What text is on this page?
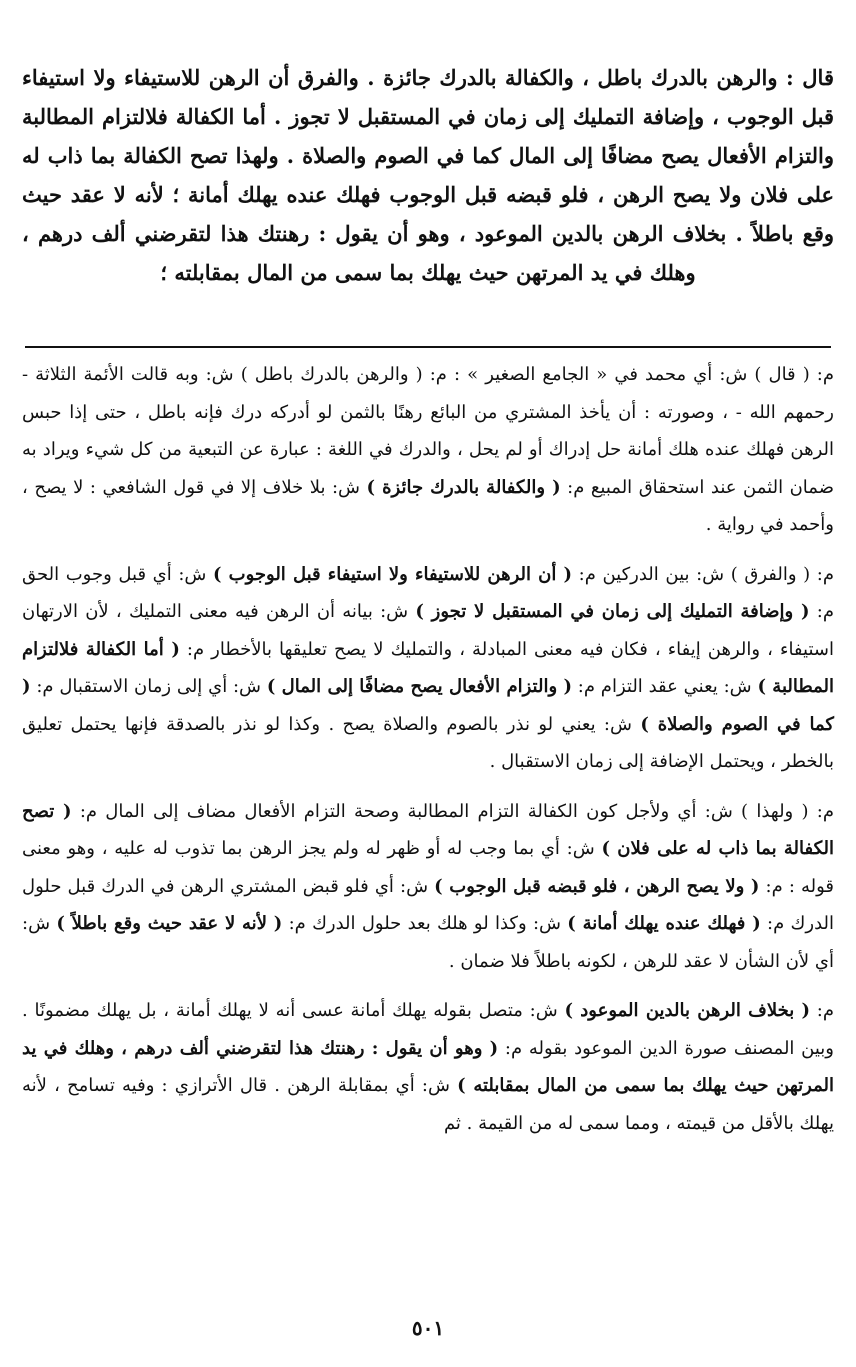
قال : والرهن بالدرك باطل ، والكفالة بالدرك جائزة . والفرق أن الرهن للاستيفاء ولا استيفاء قبل الوجوب ، وإضافة التمليك إلى زمان في المستقبل لا تجوز . أما الكفالة فلالتزام المطالبة والتزام الأفعال يصح مضافًا إلى المال كما في الصوم والصلاة . ولهذا تصح الكفالة بما ذاب له على فلان ولا يصح الرهن ، فلو قبضه قبل الوجوب فهلك عنده يهلك أمانة ؛ لأنه لا عقد حيث وقع باطلاً . بخلاف الرهن بالدين الموعود ، وهو أن يقول : رهنتك هذا لتقرضني ألف درهم ، وهلك في يد المرتهن حيث يهلك بما سمى من المال بمقابلته ؛

م: ( قال ) ش: أي محمد في « الجامع الصغير » : م: ( والرهن بالدرك باطل ) ش: وبه قالت الأئمة الثلاثة - رحمهم الله - ، وصورته : أن يأخذ المشتري من البائع رهنًا بالثمن لو أدركه درك فإنه باطل ، حتى إذا حبس الرهن فهلك عنده هلك أمانة حل إدراك أو لم يحل ، والدرك في اللغة : عبارة عن التبعية من كل شيء ويراد به ضمان الثمن عند استحقاق المبيع م: ( والكفالة بالدرك جائزة ) ش: بلا خلاف إلا في قول الشافعي : لا يصح ، وأحمد في رواية .

م: ( والفرق ) ش: بين الدركين م: ( أن الرهن للاستيفاء ولا استيفاء قبل الوجوب ) ش: أي قبل وجوب الحق م: ( وإضافة التمليك إلى زمان في المستقبل لا تجوز ) ش: بيانه أن الرهن فيه معنى التمليك ، لأن الارتهان استيفاء ، والرهن إيفاء ، فكان فيه معنى المبادلة ، والتمليك لا يصح تعليقها بالأخطار م: ( أما الكفالة فلالتزام المطالبة ) ش: يعني عقد التزام م: ( والتزام الأفعال يصح مضافًا إلى المال ) ش: أي إلى زمان الاستقبال م: ( كما في الصوم والصلاة ) ش: يعني لو نذر بالصوم والصلاة يصح . وكذا لو نذر بالصدقة فإنها يحتمل تعليق بالخطر ، ويحتمل الإضافة إلى زمان الاستقبال .

م: ( ولهذا ) ش: أي ولأجل كون الكفالة التزام المطالبة وصحة التزام الأفعال مضاف إلى المال م: ( تصح الكفالة بما ذاب له على فلان ) ش: أي بما وجب له أو ظهر له ولم يجز الرهن بما تذوب له عليه ، وهو معنى قوله : م: ( ولا يصح الرهن ، فلو قبضه قبل الوجوب ) ش: أي فلو قبض المشتري الرهن في الدرك قبل حلول الدرك م: ( فهلك عنده يهلك أمانة ) ش: وكذا لو هلك بعد حلول الدرك م: ( لأنه لا عقد حيث وقع باطلاً ) ش: أي لأن الشأن لا عقد للرهن ، لكونه باطلاً فلا ضمان .

م: ( بخلاف الرهن بالدين الموعود ) ش: متصل بقوله يهلك أمانة عسى أنه لا يهلك أمانة ، بل يهلك مضمونًا . وبين المصنف صورة الدين الموعود بقوله م: ( وهو أن يقول : رهنتك هذا لتقرضني ألف درهم ، وهلك في يد المرتهن حيث يهلك بما سمى من المال بمقابلته ) ش: أي بمقابلة الرهن . قال الأترازي : وفيه تسامح ، لأنه يهلك بالأقل من قيمته ، ومما سمى له من القيمة . ثم

٥٠١
